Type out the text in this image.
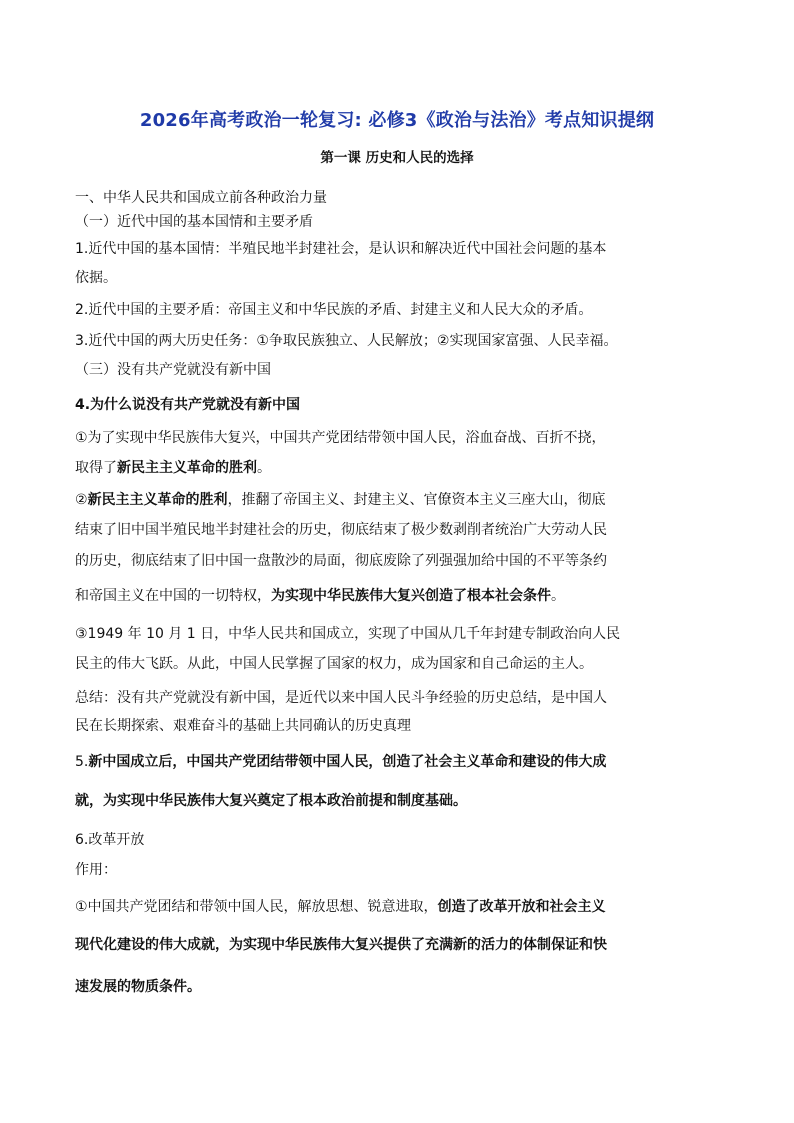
2026年高考政治一轮复习: 必修3《政治与法治》考点知识提纲
第一课 历史和人民的选择
一、中华人民共和国成立前各种政治力量
（一）近代中国的基本国情和主要矛盾
1.近代中国的基本国情：半殖民地半封建社会，是认识和解决近代中国社会问题的基本
依据。
2.近代中国的主要矛盾：帝国主义和中华民族的矛盾、封建主义和人民大众的矛盾。
3.近代中国的两大历史任务：①争取民族独立、人民解放；②实现国家富强、人民幸福。
（三）没有共产党就没有新中国
4.为什么说没有共产党就没有新中国
①为了实现中华民族伟大复兴，中国共产党团结带领中国人民，浴血奋战、百折不挠，
取得了新民主主义革命的胜利。
②新民主主义革命的胜利，推翻了帝国主义、封建主义、官僚资本主义三座大山，彻底
结束了旧中国半殖民地半封建社会的历史，彻底结束了极少数剥削者统治广大劳动人民
的历史，彻底结束了旧中国一盘散沙的局面，彻底废除了列强强加给中国的不平等条约
和帝国主义在中国的一切特权，为实现中华民族伟大复兴创造了根本社会条件。
③1949 年 10 月 1 日，中华人民共和国成立，实现了中国从几千年封建专制政治向人民
民主的伟大飞跃。从此，中国人民掌握了国家的权力，成为国家和自己命运的主人。
总结：没有共产党就没有新中国，是近代以来中国人民斗争经验的历史总结，是中国人
民在长期探索、艰难奋斗的基础上共同确认的历史真理
5.新中国成立后，中国共产党团结带领中国人民，创造了社会主义革命和建设的伟大成
就，为实现中华民族伟大复兴奠定了根本政治前提和制度基础。
6.改革开放
作用：
①中国共产党团结和带领中国人民，解放思想、锐意进取，创造了改革开放和社会主义
现代化建设的伟大成就，为实现中华民族伟大复兴提供了充满新的活力的体制保证和快
速发展的物质条件。
